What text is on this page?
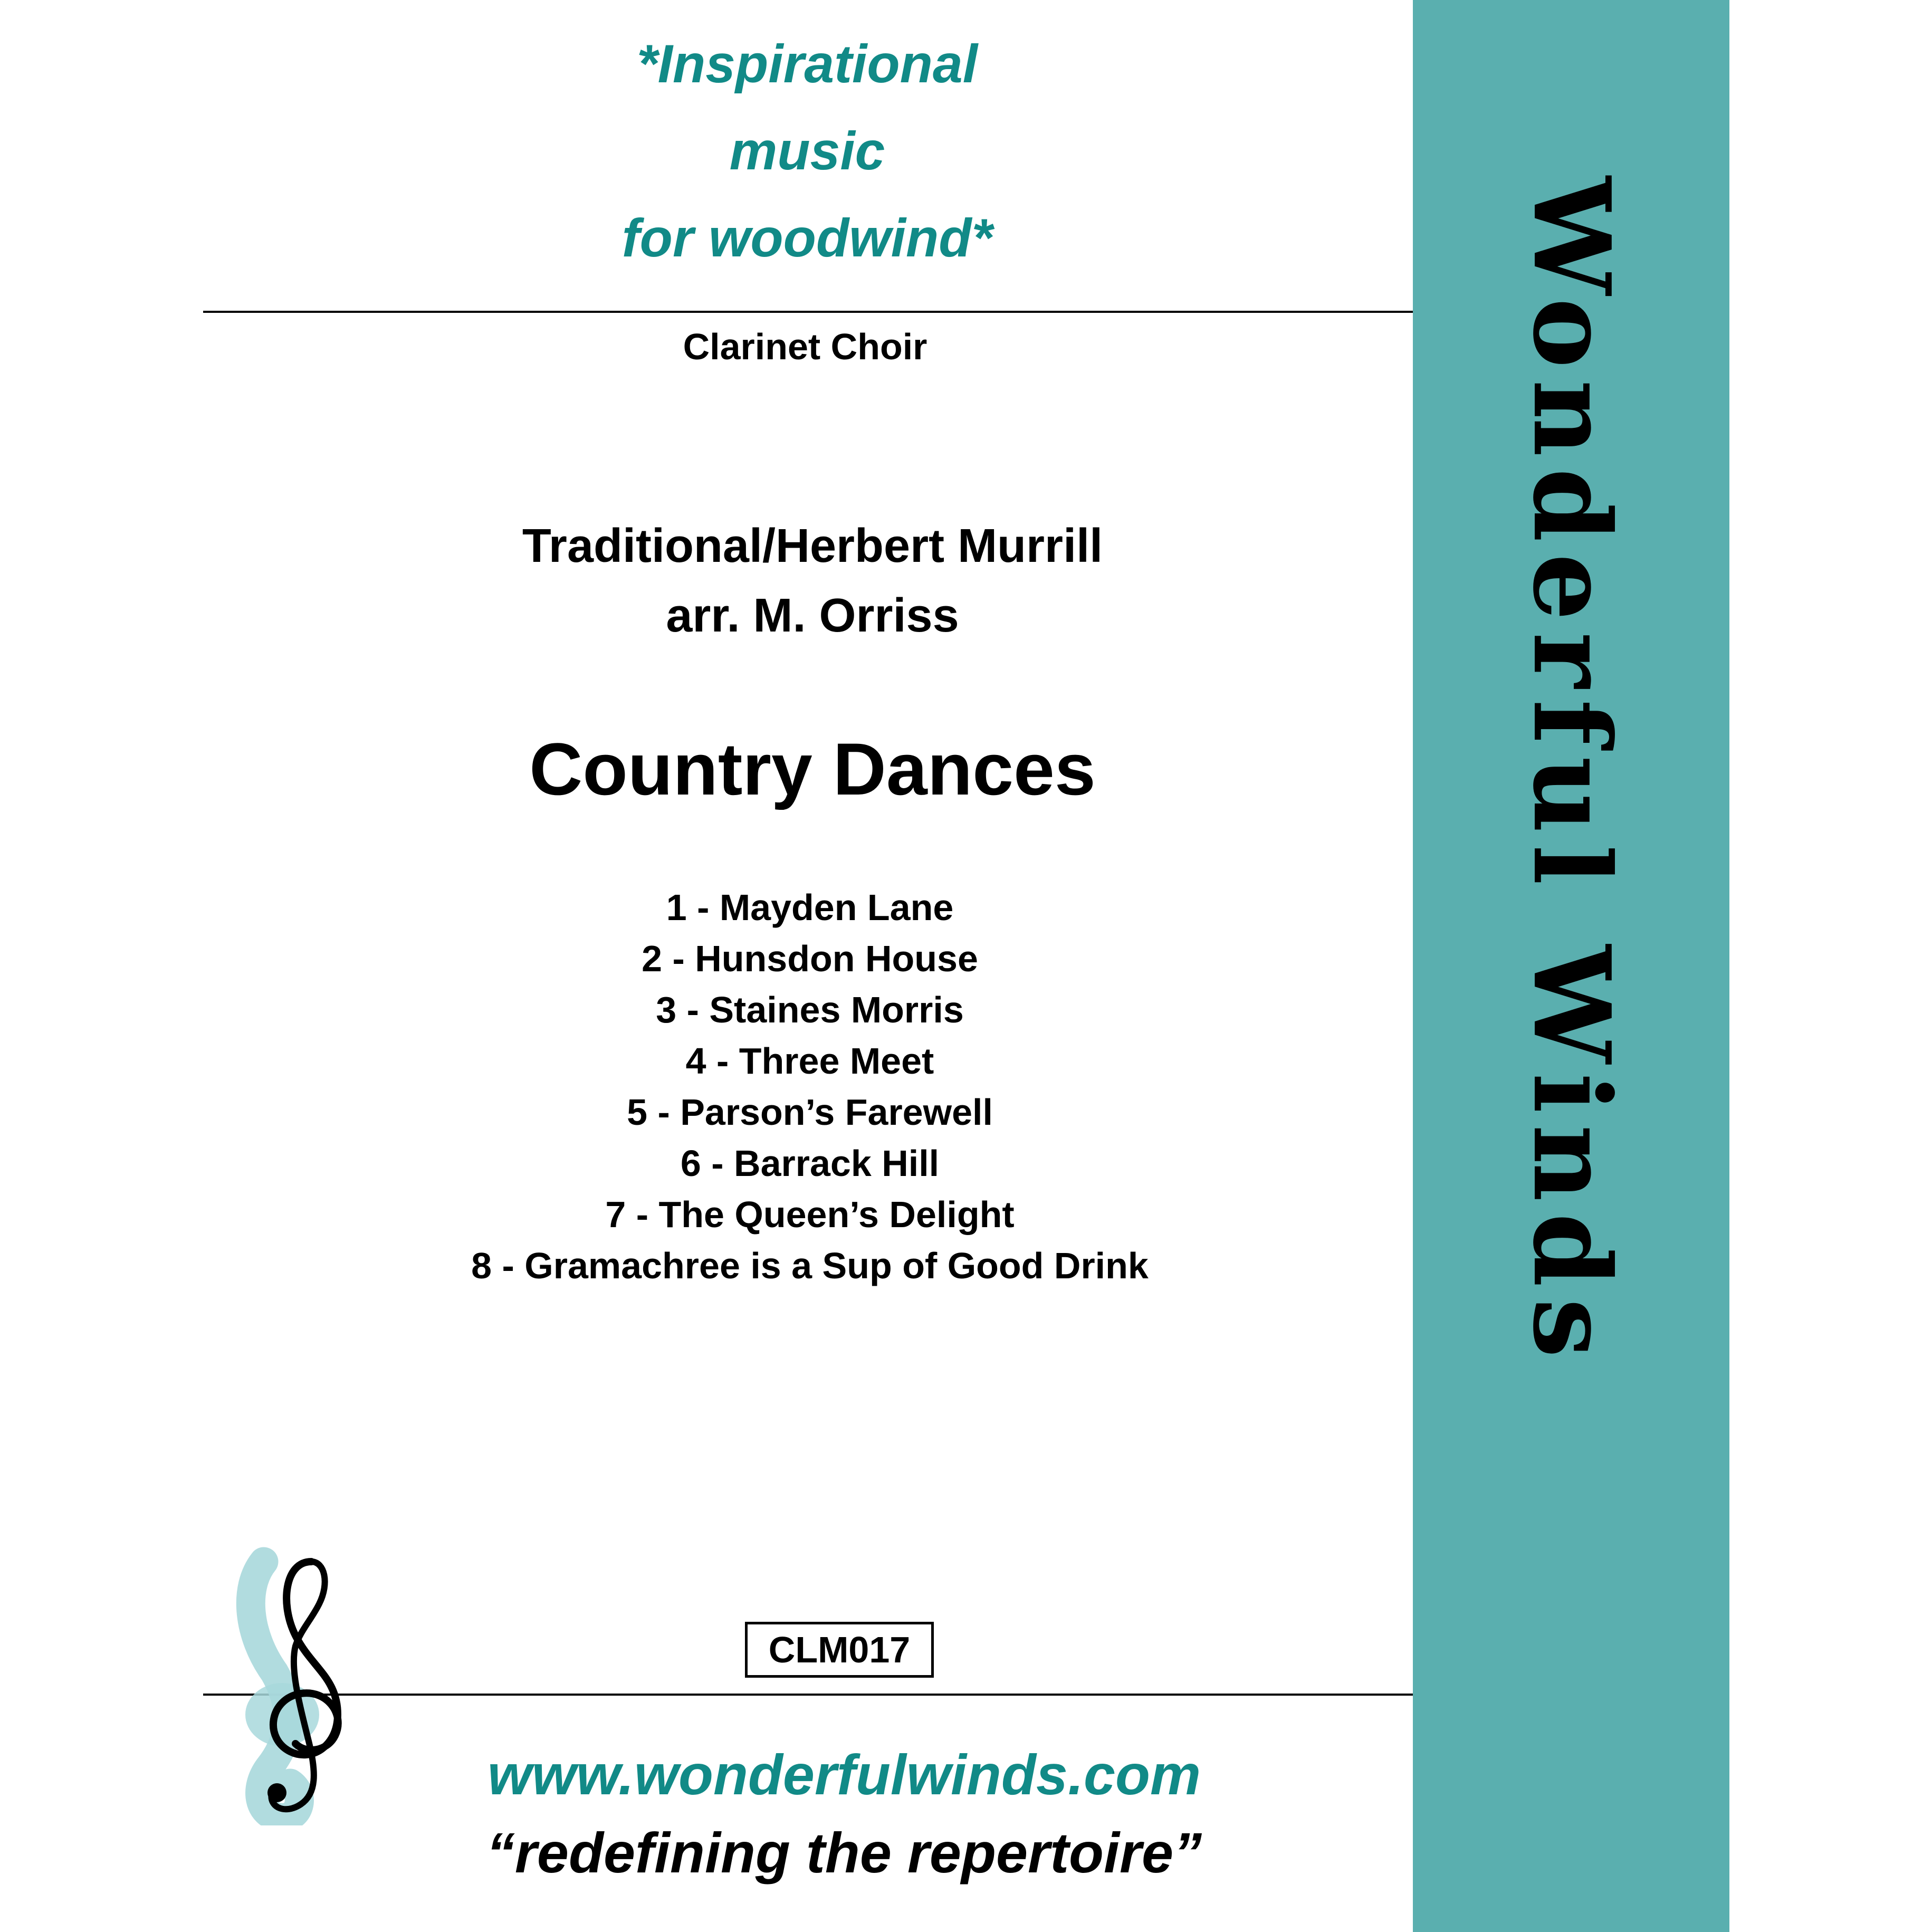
*Inspirational
music
for woodwind*
Clarinet Choir
Traditional/Herbert Murrill
arr. M. Orriss
Country Dances
1 - Mayden Lane
2 - Hunsdon House
3 - Staines Morris
4 - Three Meet
5 - Parson’s Farewell
6 - Barrack Hill
7 - The Queen’s Delight
8 - Gramachree is a Sup of Good Drink
CLM017
www.wonderfulwinds.com
“redefining the repertoire”
Wonderful Winds
